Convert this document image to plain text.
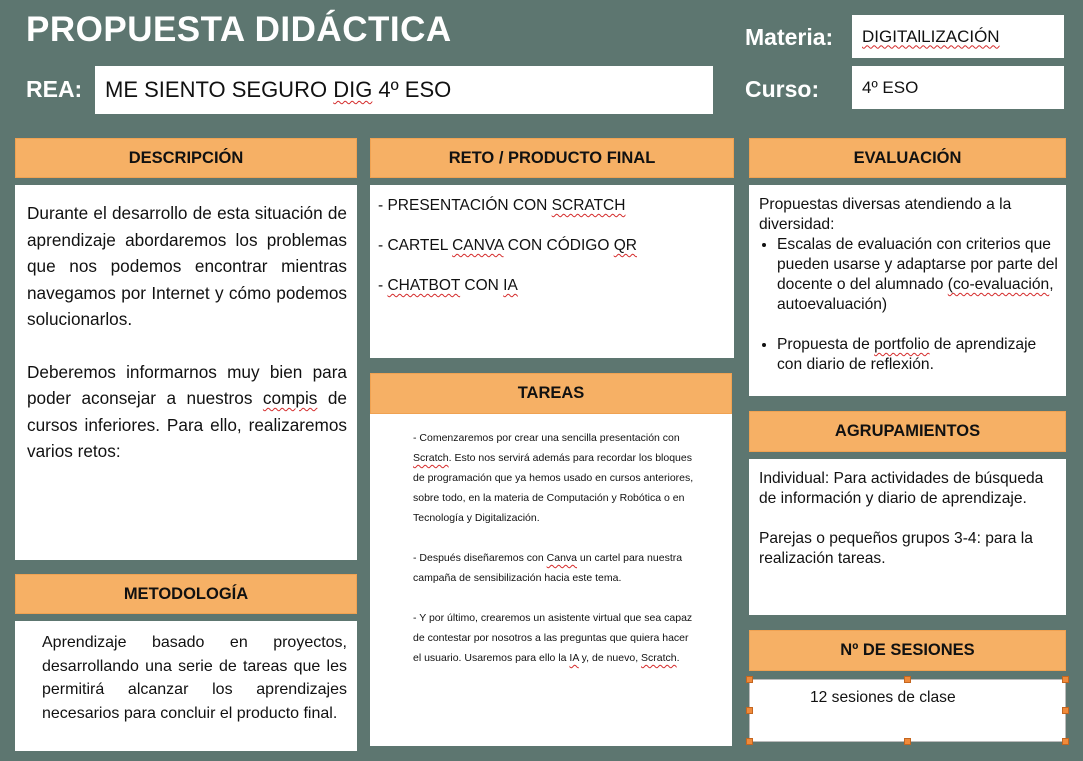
PROPUESTA DIDÁCTICA
REA: ME SIENTO SEGURO DIG 4º ESO
Materia: DIGITAlLIZACIÓN
Curso:	4º ESO
DESCRIPCIÓN

Durante el desarrollo de esta situación de aprendizaje abordaremos los problemas que nos podemos encontrar mientras navegamos por Internet y cómo podemos solucionarlos.

Deberemos informarnos muy bien para poder aconsejar a nuestros compis de cursos inferiores. Para ello, realizaremos varios retos:

METODOLOGÍA

Aprendizaje basado en proyectos, desarrollando una serie de tareas que les permitirá alcanzar los aprendizajes necesarios para concluir el producto final.

RETO / PRODUCTO FINAL
- PRESENTACIÓN CON SCRATCH
- CARTEL CANVA CON CÓDIGO QR
- CHATBOT CON IA
TAREAS

- Comenzaremos por crear una sencilla presentación con Scratch. Esto nos servirá además para recordar los bloques de programación que ya hemos usado en cursos anteriores, sobre todo, en la materia de Computación y Robótica o en Tecnología y Digitalización.

- Después diseñaremos con Canva un cartel para nuestra campaña de sensibilización hacia este tema.

- Y por último, crearemos un asistente virtual que sea capaz de contestar por nosotros a las preguntas que quiera hacer el usuario. Usaremos para ello la IA y, de nuevo, Scratch.

EVALUACIÓN

Propuestas diversas atendiendo a la diversidad:

• Escalas de evaluación con criterios que pueden usarse y adaptarse por parte del docente o del alumnado (co-evaluación, autoevaluación)
• Propuesta de portfolio de aprendizaje con diario de reflexión.
AGRUPAMIENTOS

Individual: Para actividades de búsqueda de información y diario de aprendizaje.

Parejas o pequeños grupos 3-4: para la realización tareas.

Nº DE SESIONES
12 sesiones de clase
